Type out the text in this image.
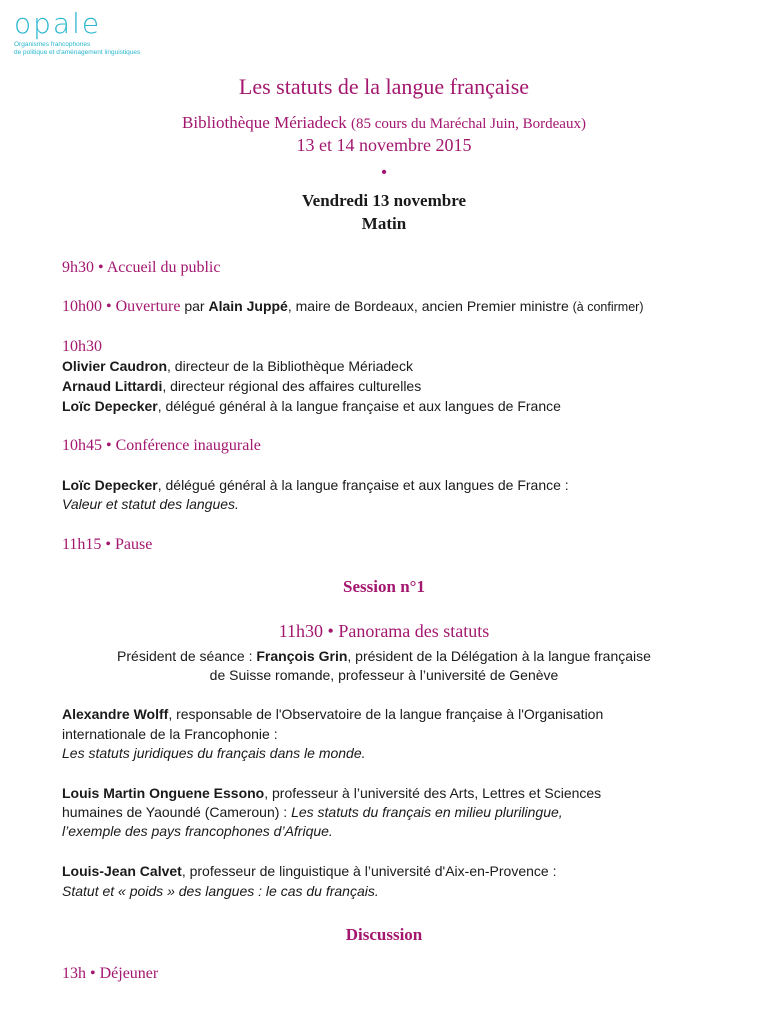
opale
Organismes francophones
de politique et d'aménagement linguistiques
Les statuts de la langue française
Bibliothèque Mériadeck (85 cours du Maréchal Juin, Bordeaux)
13 et 14 novembre 2015
•
Vendredi 13 novembre
Matin
9h30 • Accueil du public
10h00 • Ouverture par Alain Juppé, maire de Bordeaux, ancien Premier ministre (à confirmer)
10h30
Olivier Caudron, directeur de la Bibliothèque Mériadeck
Arnaud Littardi, directeur régional des affaires culturelles
Loïc Depecker, délégué général à la langue française et aux langues de France
10h45 • Conférence inaugurale
Loïc Depecker, délégué général à la langue française et aux langues de France :
Valeur et statut des langues.
11h15 • Pause
Session n°1
11h30 • Panorama des statuts
Président de séance : François Grin, président de la Délégation à la langue française
de Suisse romande, professeur à l’université de Genève
Alexandre Wolff, responsable de l'Observatoire de la langue française à l'Organisation
internationale de la Francophonie :
Les statuts juridiques du français dans le monde.
Louis Martin Onguene Essono, professeur à l’université des Arts, Lettres et Sciences
humaines de Yaoundé (Cameroun) : Les statuts du français en milieu plurilingue,
l’exemple des pays francophones d’Afrique.
Louis-Jean Calvet, professeur de linguistique à l’université d'Aix-en-Provence :
Statut et « poids » des langues : le cas du français.
Discussion
13h • Déjeuner
